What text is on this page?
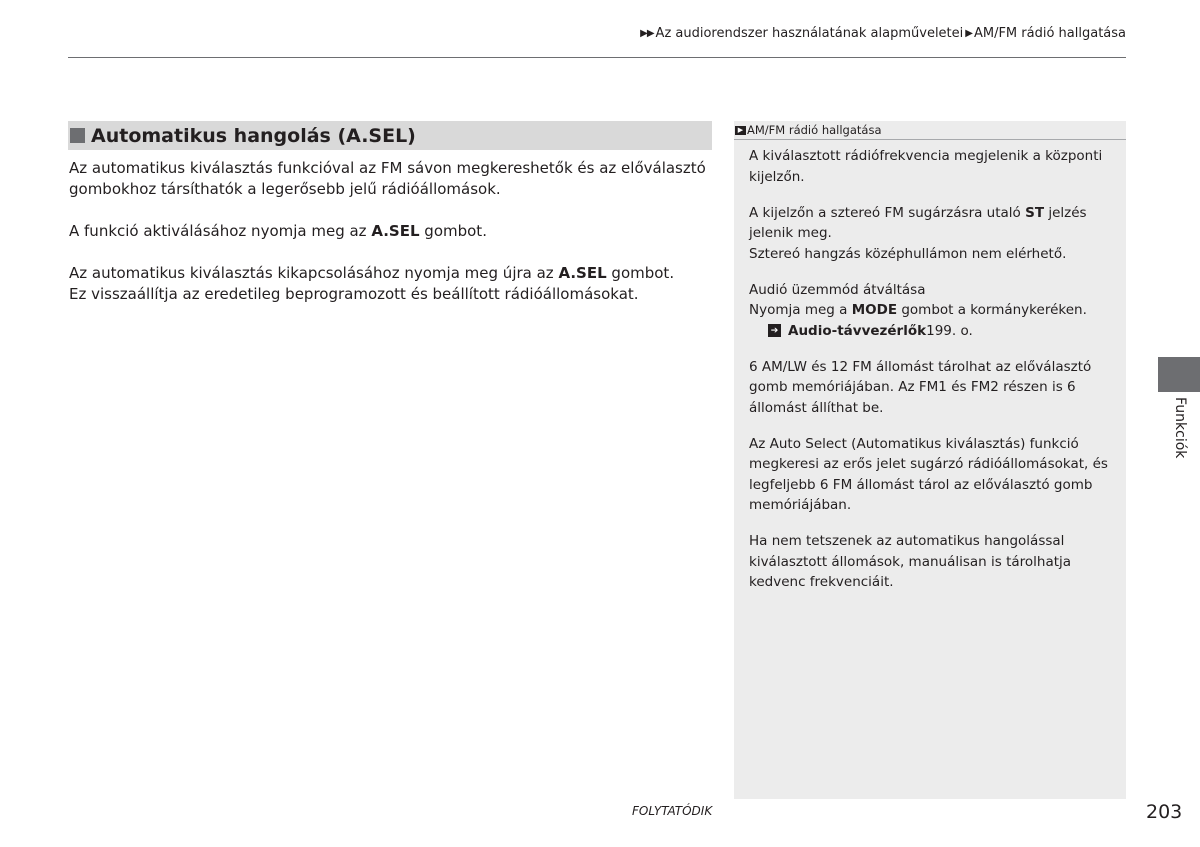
▶▶ Az audiorendszer használatának alapműveletei ▶ AM/FM rádió hallgatása
Automatikus hangolás (A.SEL)

Az automatikus kiválasztás funkcióval az FM sávon megkereshetők és az előválasztó gombokhoz társíthatók a legerősebb jelű rádióállomások.

A funkció aktiválásához nyomja meg az A.SEL gombot.

Az automatikus kiválasztás kikapcsolásához nyomja meg újra az A.SEL gombot.
Ez visszaállítja az eredetileg beprogramozott és beállított rádióállomásokat.

▶ AM/FM rádió hallgatása

A kiválasztott rádiófrekvencia megjelenik a központi kijelzőn.

A kijelzőn a sztereó FM sugárzásra utaló ST jelzés jelenik meg.
Sztereó hangzás középhullámon nem elérhető.

Audió üzemmód átváltása
Nyomja meg a MODE gombot a kormánykeréken.

➔ Audio-távvezérlők 199. o.

6 AM/LW és 12 FM állomást tárolhat az előválasztó gomb memóriájában. Az FM1 és FM2 részen is 6 állomást állíthat be.

Az Auto Select (Automatikus kiválasztás) funkció megkeresi az erős jelet sugárzó rádióállomásokat, és legfeljebb 6 FM állomást tárol az előválasztó gomb memóriájában.

Ha nem tetszenek az automatikus hangolással kiválasztott állomások, manuálisan is tárolhatja kedvenc frekvenciáit.

Funkciók
FOLYTATÓDIK	203
